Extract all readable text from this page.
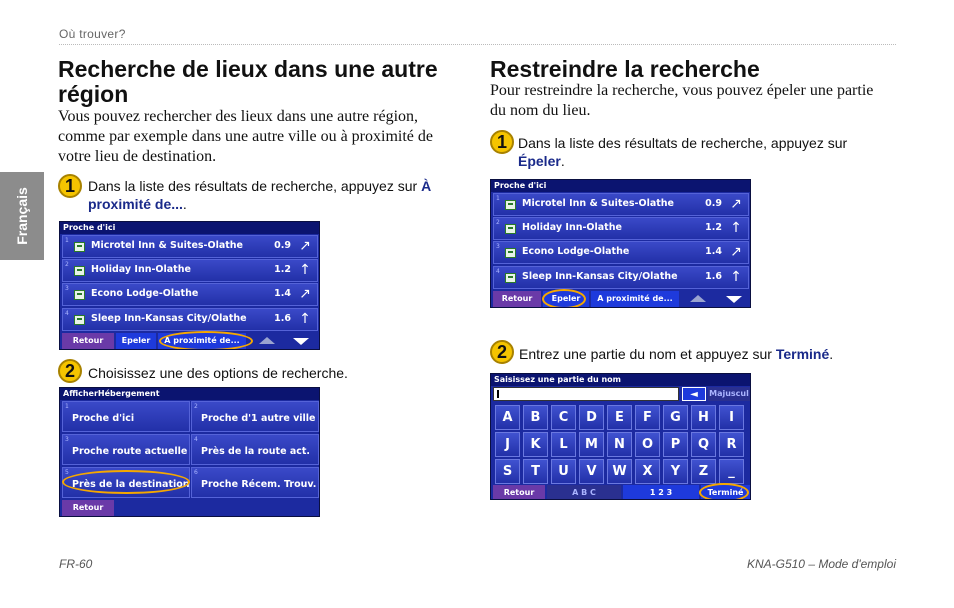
Où trouver?
Français
Recherche de lieux dans une autre région
Vous pouvez rechercher des lieux dans une autre région, comme par exemple dans une autre ville ou à proximité de votre lieu de destination.
1 Dans la liste des résultats de recherche, appuyez sur À proximité de....
Proche d'ici
1 Microtel Inn & Suites-Olathe	0.9 ↗
2 Holiday Inn-Olathe	1.2 ↑
3 Econo Lodge-Olathe	1.4 ↗
4 Sleep Inn-Kansas City/Olathe	1.6 ↑
Retour	Epeler	A proximité de...
2 Choisissez une des options de recherche.
AfficherHébergement
1
Proche d'ici
2
Proche d'1 autre ville
3
Proche route actuelle
4
Près de la route act.
5
Près de la destination
6
Proche Récem. Trouv.
Retour
Restreindre la recherche
Pour restreindre la recherche, vous pouvez épeler une partie du nom du lieu.
1 Dans la liste des résultats de recherche, appuyez sur Épeler.
Proche d'ici
1 Microtel Inn & Suites-Olathe	0.9 ↗
2 Holiday Inn-Olathe	1.2 ↑
3 Econo Lodge-Olathe	1.4 ↗
4 Sleep Inn-Kansas City/Olathe	1.6 ↑
Retour	Epeler	A proximité de...
2 Entrez une partie du nom et appuyez sur Terminé.
Saisissez une partie du nom
◄	Majuscul
A	B	C	D	E	F	G	H	I
J	K	L	M	N	O	P	Q	R
S	T	U	V	W	X	Y	Z	_
Retour	A B C	1 2 3	Terminé
FR-60	KNA-G510 – Mode d'emploi
